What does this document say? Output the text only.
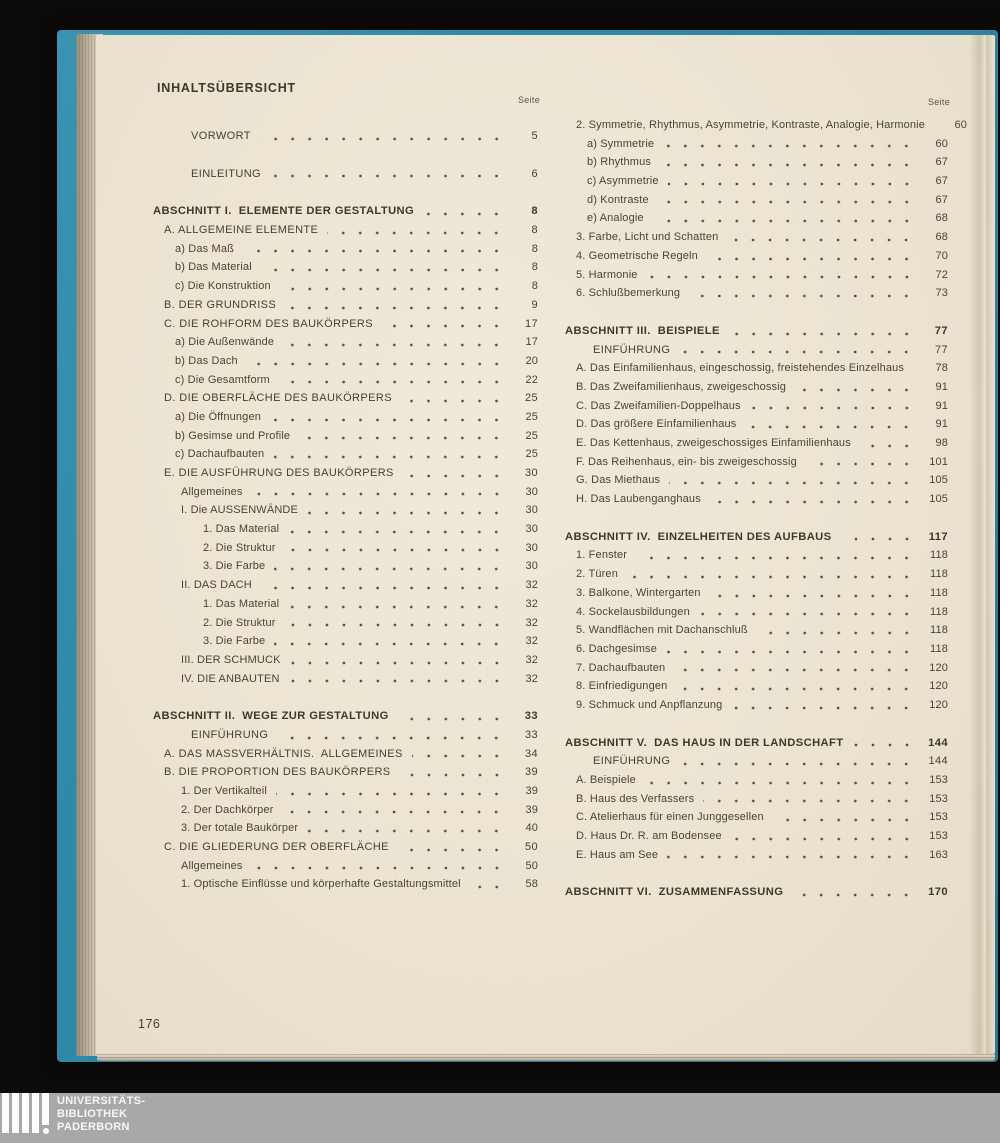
INHALTSÜBERSICHT
Seite	Seite
VORWORT	5
EINLEITUNG	6
ABSCHNITT I.  ELEMENTE DER GESTALTUNG	8
A. ALLGEMEINE ELEMENTE	8
a) Das Maß	8
b) Das Material	8
c) Die Konstruktion	8
B. DER GRUNDRISS	9
C. DIE ROHFORM DES BAUKÖRPERS	17
a) Die Außenwände	17
b) Das Dach	20
c) Die Gesamtform	22
D. DIE OBERFLÄCHE DES BAUKÖRPERS	25
a) Die Öffnungen	25
b) Gesimse und Profile	25
c) Dachaufbauten	25
E. DIE AUSFÜHRUNG DES BAUKÖRPERS	30
Allgemeines	30
I. Die AUSSENWÄNDE	30
1. Das Material	30
2. Die Struktur	30
3. Die Farbe	30
II. DAS DACH	32
1. Das Material	32
2. Die Struktur	32
3. Die Farbe	32
III. DER SCHMUCK	32
IV. DIE ANBAUTEN	32
ABSCHNITT II.  WEGE ZUR GESTALTUNG	33
EINFÜHRUNG	33
A. DAS MASSVERHÄLTNIS.  ALLGEMEINES	34
B. DIE PROPORTION DES BAUKÖRPERS	39
1. Der Vertikalteil	39
2. Der Dachkörper	39
3. Der totale Baukörper	40
C. DIE GLIEDERUNG DER OBERFLÄCHE	50
Allgemeines	50
1. Optische Einflüsse und körperhafte Gestaltungsmittel	58
2. Symmetrie, Rhythmus, Asymmetrie, Kontraste, Analogie, Harmonie	60
a) Symmetrie	60
b) Rhythmus	67
c) Asymmetrie	67
d) Kontraste	67
e) Analogie	68
3. Farbe, Licht und Schatten	68
4. Geometrische Regeln	70
5. Harmonie	72
6. Schlußbemerkung	73
ABSCHNITT III.  BEISPIELE	77
EINFÜHRUNG	77
A. Das Einfamilienhaus, eingeschossig, freistehendes Einzelhaus	78
B. Das Zweifamilienhaus, zweigeschossig	91
C. Das Zweifamilien-Doppelhaus	91
D. Das größere Einfamilienhaus	91
E. Das Kettenhaus, zweigeschossiges Einfamilienhaus	98
F. Das Reihenhaus, ein- bis zweigeschossig	101
G. Das Miethaus	105
H. Das Laubenganghaus	105
ABSCHNITT IV.  EINZELHEITEN DES AUFBAUS	117
1. Fenster	118
2. Türen	118
3. Balkone, Wintergarten	118
4. Sockelausbildungen	118
5. Wandflächen mit Dachanschluß	118
6. Dachgesimse	118
7. Dachaufbauten	120
8. Einfriedigungen	120
9. Schmuck und Anpflanzung	120
ABSCHNITT V.  DAS HAUS IN DER LANDSCHAFT	144
EINFÜHRUNG	144
A. Beispiele	153
B. Haus des Verfassers	153
C. Atelierhaus für einen Junggesellen	153
D. Haus Dr. R. am Bodensee	153
E. Haus am See	163
ABSCHNITT VI.  ZUSAMMENFASSUNG	170
176
UNIVERSITÄTS-
BIBLIOTHEK
PADERBORN
